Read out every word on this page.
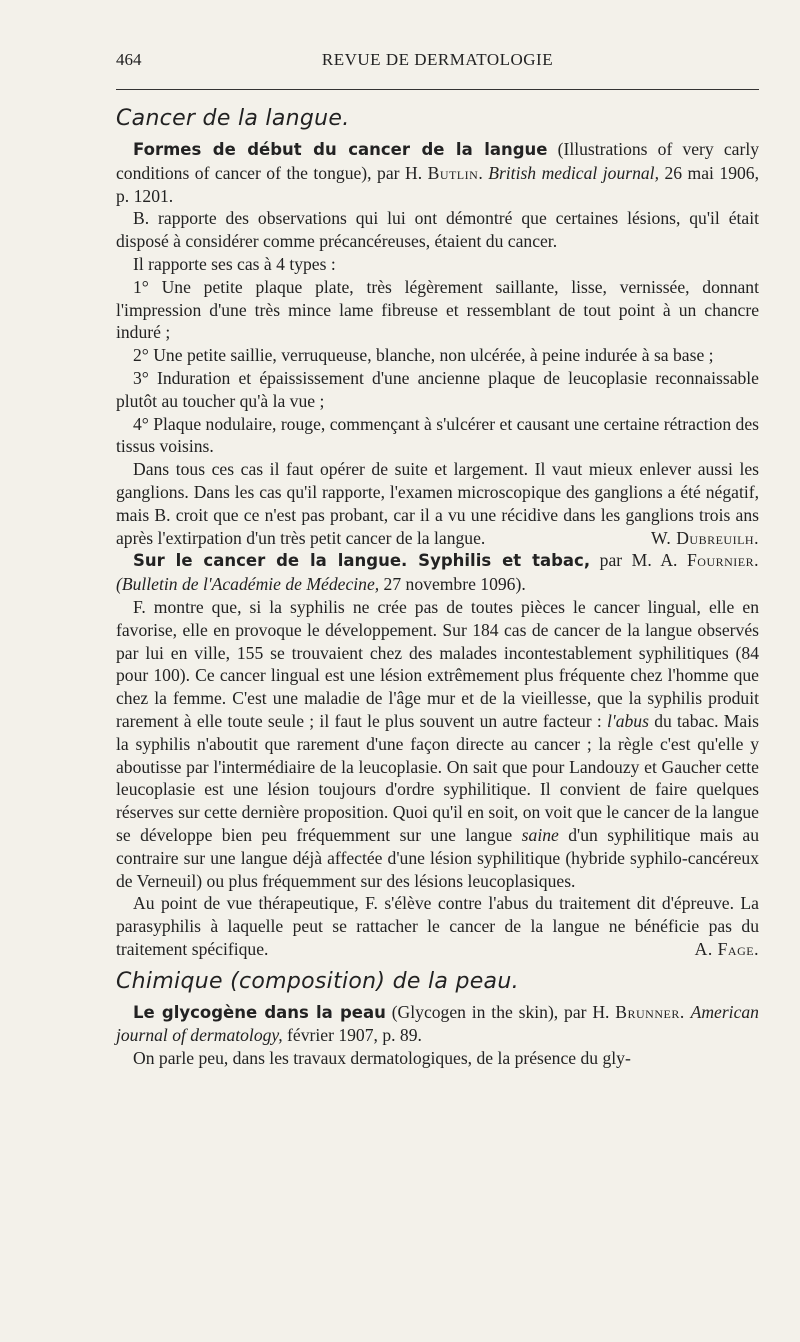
464	REVUE DE DERMATOLOGIE
Cancer de la langue.

Formes de début du cancer de la langue (Illustrations of very carly conditions of cancer of the tongue), par H. Butlin. British medical journal, 26 mai 1906, p. 1201.

B. rapporte des observations qui lui ont démontré que certaines lésions, qu'il était disposé à considérer comme précancéreuses, étaient du cancer.

Il rapporte ses cas à 4 types :

1° Une petite plaque plate, très légèrement saillante, lisse, vernissée, donnant l'impression d'une très mince lame fibreuse et ressemblant de tout point à un chancre induré ;

2° Une petite saillie, verruqueuse, blanche, non ulcérée, à peine indurée à sa base ;

3° Induration et épaississement d'une ancienne plaque de leucoplasie reconnaissable plutôt au toucher qu'à la vue ;

4° Plaque nodulaire, rouge, commençant à s'ulcérer et causant une certaine rétraction des tissus voisins.

Dans tous ces cas il faut opérer de suite et largement. Il vaut mieux enlever aussi les ganglions. Dans les cas qu'il rapporte, l'examen microscopique des ganglions a été négatif, mais B. croit que ce n'est pas probant, car il a vu une récidive dans les ganglions trois ans après l'extirpation d'un très petit cancer de la langue.	W. Dubreuilh.

Sur le cancer de la langue. Syphilis et tabac, par M. A. Fournier. (Bulletin de l'Académie de Médecine, 27 novembre 1096).

F. montre que, si la syphilis ne crée pas de toutes pièces le cancer lingual, elle en favorise, elle en provoque le développement. Sur 184 cas de cancer de la langue observés par lui en ville, 155 se trouvaient chez des malades incontestablement syphilitiques (84 pour 100). Ce cancer lingual est une lésion extrêmement plus fréquente chez l'homme que chez la femme. C'est une maladie de l'âge mur et de la vieillesse, que la syphilis produit rarement à elle toute seule ; il faut le plus souvent un autre facteur : l'abus du tabac. Mais la syphilis n'aboutit que rarement d'une façon directe au cancer ; la règle c'est qu'elle y aboutisse par l'intermédiaire de la leucoplasie. On sait que pour Landouzy et Gaucher cette leucoplasie est une lésion toujours d'ordre syphilitique. Il convient de faire quelques réserves sur cette dernière proposition. Quoi qu'il en soit, on voit que le cancer de la langue se développe bien peu fréquemment sur une langue saine d'un syphilitique mais au contraire sur une langue déjà affectée d'une lésion syphilitique (hybride syphilo-cancéreux de Verneuil) ou plus fréquemment sur des lésions leucoplasiques.

Au point de vue thérapeutique, F. s'élève contre l'abus du traitement dit d'épreuve. La parasyphilis à laquelle peut se rattacher le cancer de la langue ne bénéficie pas du traitement spécifique.	A. Fage.

Chimique (composition) de la peau.

Le glycogène dans la peau (Glycogen in the skin), par H. Brunner. American journal of dermatology, février 1907, p. 89.

On parle peu, dans les travaux dermatologiques, de la présence du gly-
